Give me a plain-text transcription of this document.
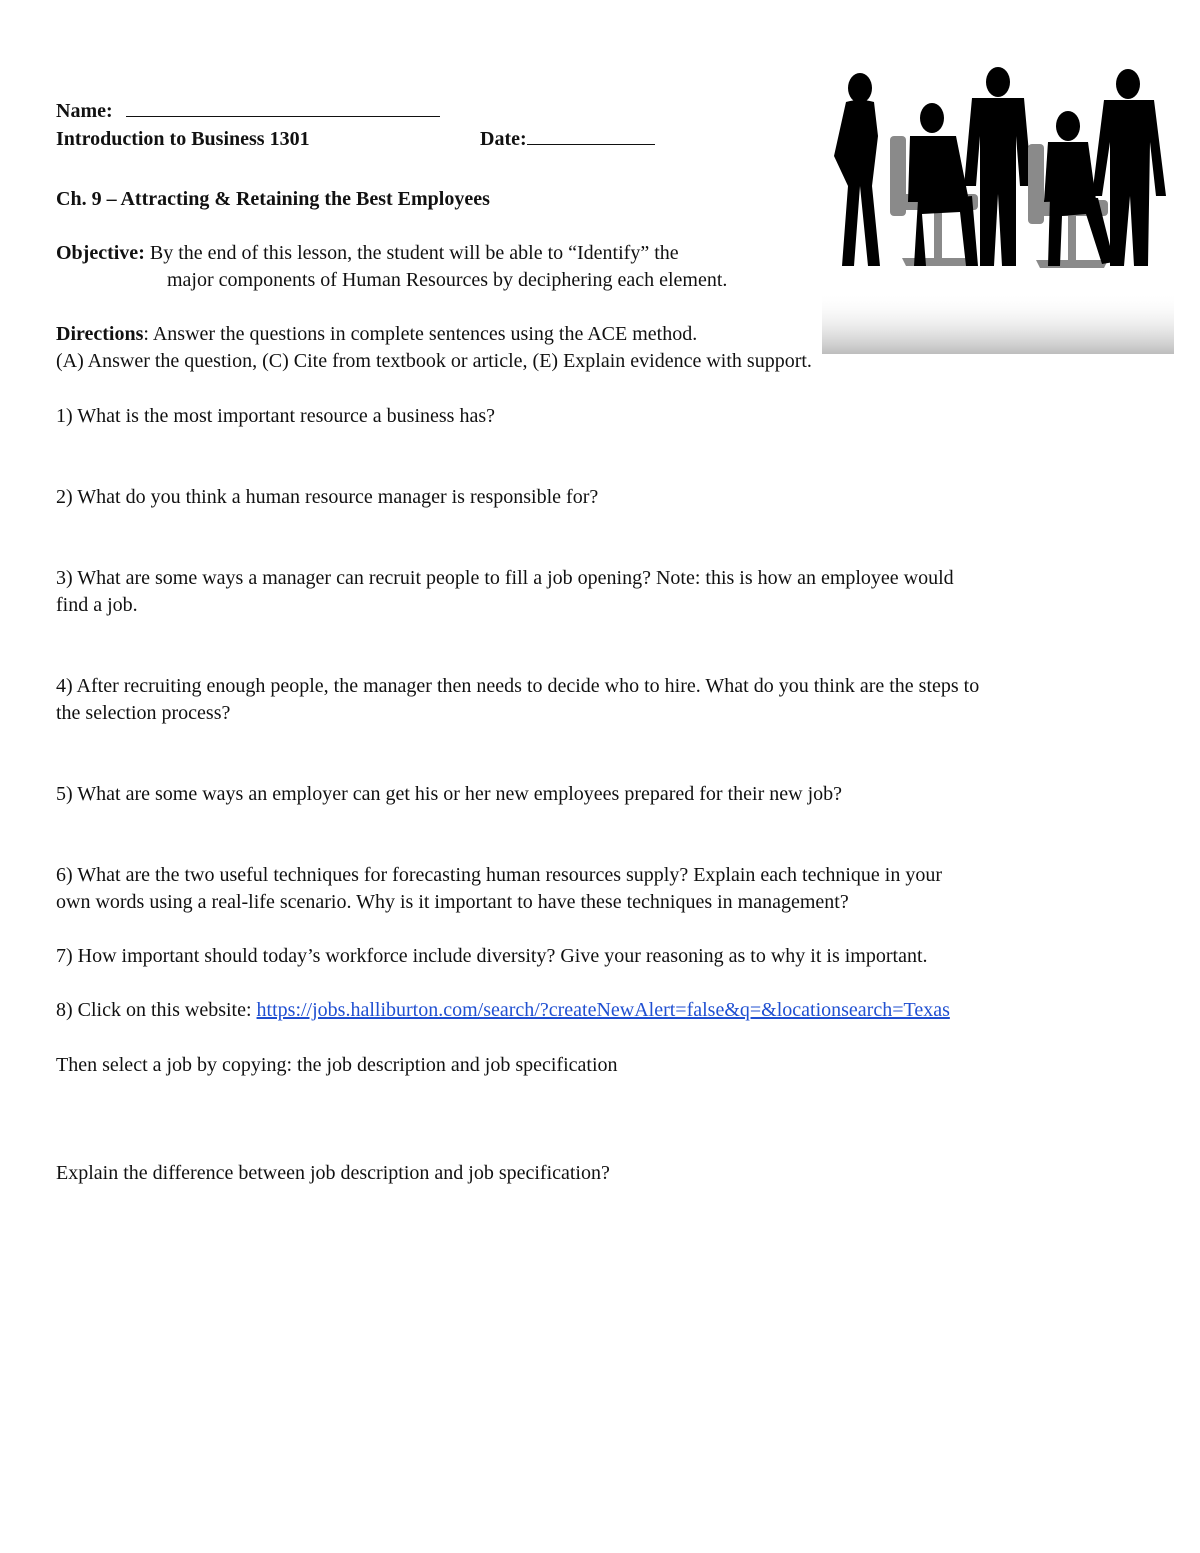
Name:
Introduction to Business 1301	Date:
Ch. 9 – Attracting & Retaining the Best Employees
Objective: By the end of this lesson, the student will be able to “Identify” the
major components of Human Resources by deciphering each element.
Directions: Answer the questions in complete sentences using the ACE method.
(A) Answer the question, (C) Cite from textbook or article, (E) Explain evidence with support.
1) What is the most important resource a business has?
2) What do you think a human resource manager is responsible for?
3) What are some ways a manager can recruit people to fill a job opening? Note: this is how an employee would
find a job.
4) After recruiting enough people, the manager then needs to decide who to hire. What do you think are the steps to
the selection process?
5) What are some ways an employer can get his or her new employees prepared for their new job?
6) What are the two useful techniques for forecasting human resources supply? Explain each technique in your
own words using a real-life scenario. Why is it important to have these techniques in management?
7) How important should today’s workforce include diversity? Give your reasoning as to why it is important.
8) Click on this website: https://jobs.halliburton.com/search/?createNewAlert=false&q=&locationsearch=Texas
Then select a job by copying: the job description and job specification
Explain the difference between job description and job specification?
